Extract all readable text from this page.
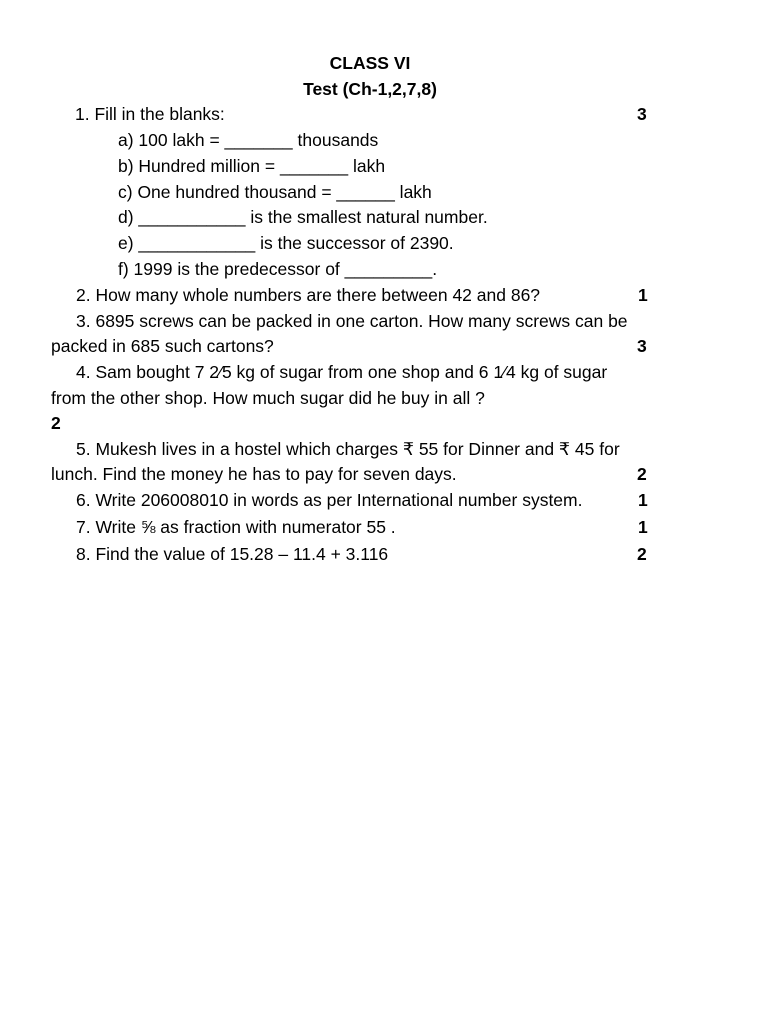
CLASS VI
Test (Ch-1,2,7,8)
1. Fill in the blanks:	3
a) 100 lakh = _______ thousands
b) Hundred million = _______ lakh
c) One hundred thousand = ______ lakh
d) ___________ is the smallest natural number.
e) ____________ is the successor of 2390.
f) 1999 is the predecessor of _________.
2. How many whole numbers are there between 42 and 86?	1
3. 6895 screws can be packed in one carton. How many screws can be
packed in 685 such cartons?	3
4. Sam bought 7 2⁄5 kg of sugar from one shop and 6 1⁄4 kg of sugar
from the other shop. How much sugar did he buy in all ?
2
5. Mukesh lives in a hostel which charges ₹ 55 for Dinner and ₹ 45 for
lunch. Find the money he has to pay for seven days.	2
6. Write 206008010 in words as per International number system.	1
7. Write ⅝ as fraction with numerator 55 .	1
8. Find the value of 15.28 – 11.4 + 3.116	2
